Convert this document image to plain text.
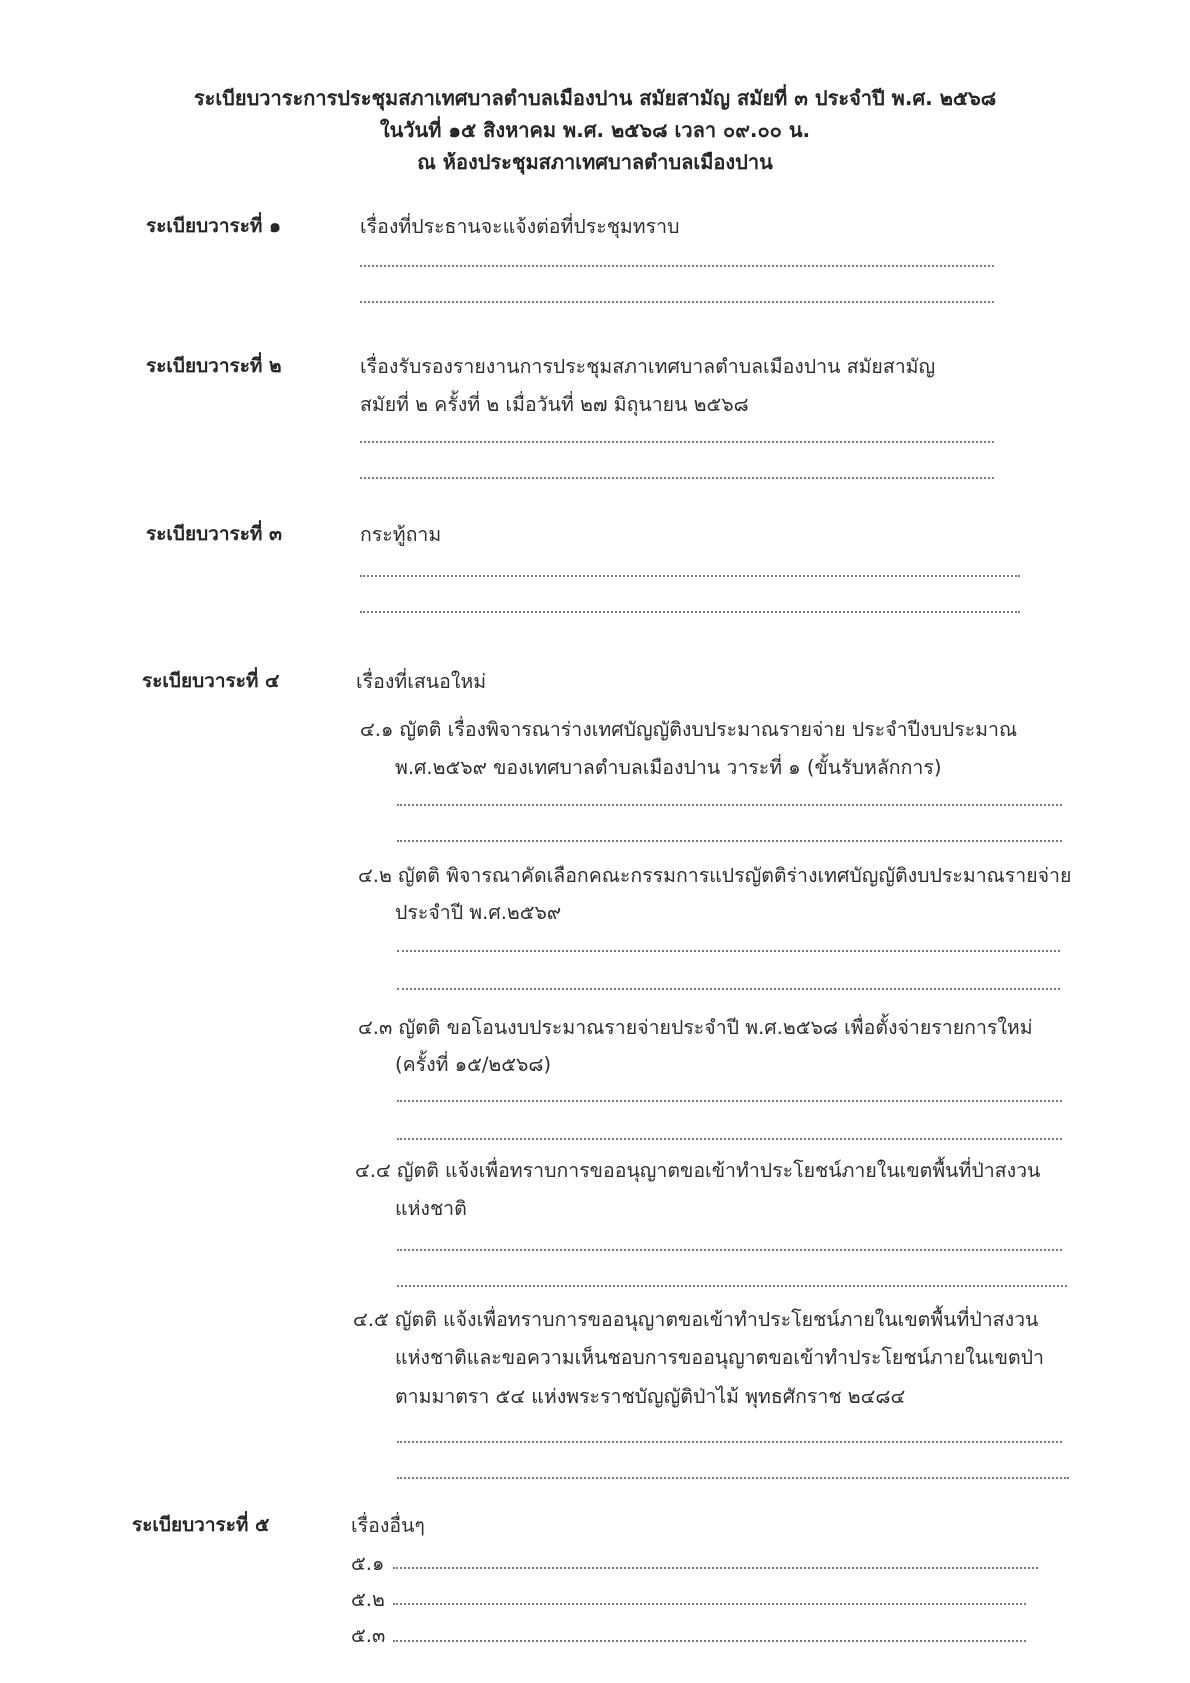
ระเบียบวาระการประชุมสภาเทศบาลตำบลเมืองปาน สมัยสามัญ สมัยที่ ๓ ประจำปี พ.ศ. ๒๕๖๘
ในวันที่ ๑๕ สิงหาคม พ.ศ. ๒๕๖๘ เวลา ๐๙.๐๐ น.
ณ ห้องประชุมสภาเทศบาลตำบลเมืองปาน
ระเบียบวาระที่ ๑	เรื่องที่ประธานจะแจ้งต่อที่ประชุมทราบ
ระเบียบวาระที่ ๒	เรื่องรับรองรายงานการประชุมสภาเทศบาลตำบลเมืองปาน สมัยสามัญ
สมัยที่ ๒ ครั้งที่ ๒ เมื่อวันที่ ๒๗ มิถุนายน ๒๕๖๘
ระเบียบวาระที่ ๓	กระทู้ถาม
ระเบียบวาระที่ ๔	เรื่องที่เสนอใหม่
๔.๑ ญัตติ เรื่องพิจารณาร่างเทศบัญญัติงบประมาณรายจ่าย ประจำปีงบประมาณ
พ.ศ.๒๕๖๙ ของเทศบาลตำบลเมืองปาน วาระที่ ๑ (ขั้นรับหลักการ)
๔.๒ ญัตติ พิจารณาคัดเลือกคณะกรรมการแปรญัตติร่างเทศบัญญัติงบประมาณรายจ่าย
ประจำปี พ.ศ.๒๕๖๙
๔.๓ ญัตติ ขอโอนงบประมาณรายจ่ายประจำปี พ.ศ.๒๕๖๘ เพื่อตั้งจ่ายรายการใหม่
(ครั้งที่ ๑๕/๒๕๖๘)
๔.๔ ญัตติ แจ้งเพื่อทราบการขออนุญาตขอเข้าทำประโยชน์ภายในเขตพื้นที่ป่าสงวน
แห่งชาติ
๔.๕ ญัตติ แจ้งเพื่อทราบการขออนุญาตขอเข้าทำประโยชน์ภายในเขตพื้นที่ป่าสงวน
แห่งชาติและขอความเห็นชอบการขออนุญาตขอเข้าทำประโยชน์ภายในเขตป่า
ตามมาตรา ๕๔ แห่งพระราชบัญญัติป่าไม้ พุทธศักราช ๒๔๘๔
ระเบียบวาระที่ ๕	เรื่องอื่นๆ
๕.๑
๕.๒
๕.๓
